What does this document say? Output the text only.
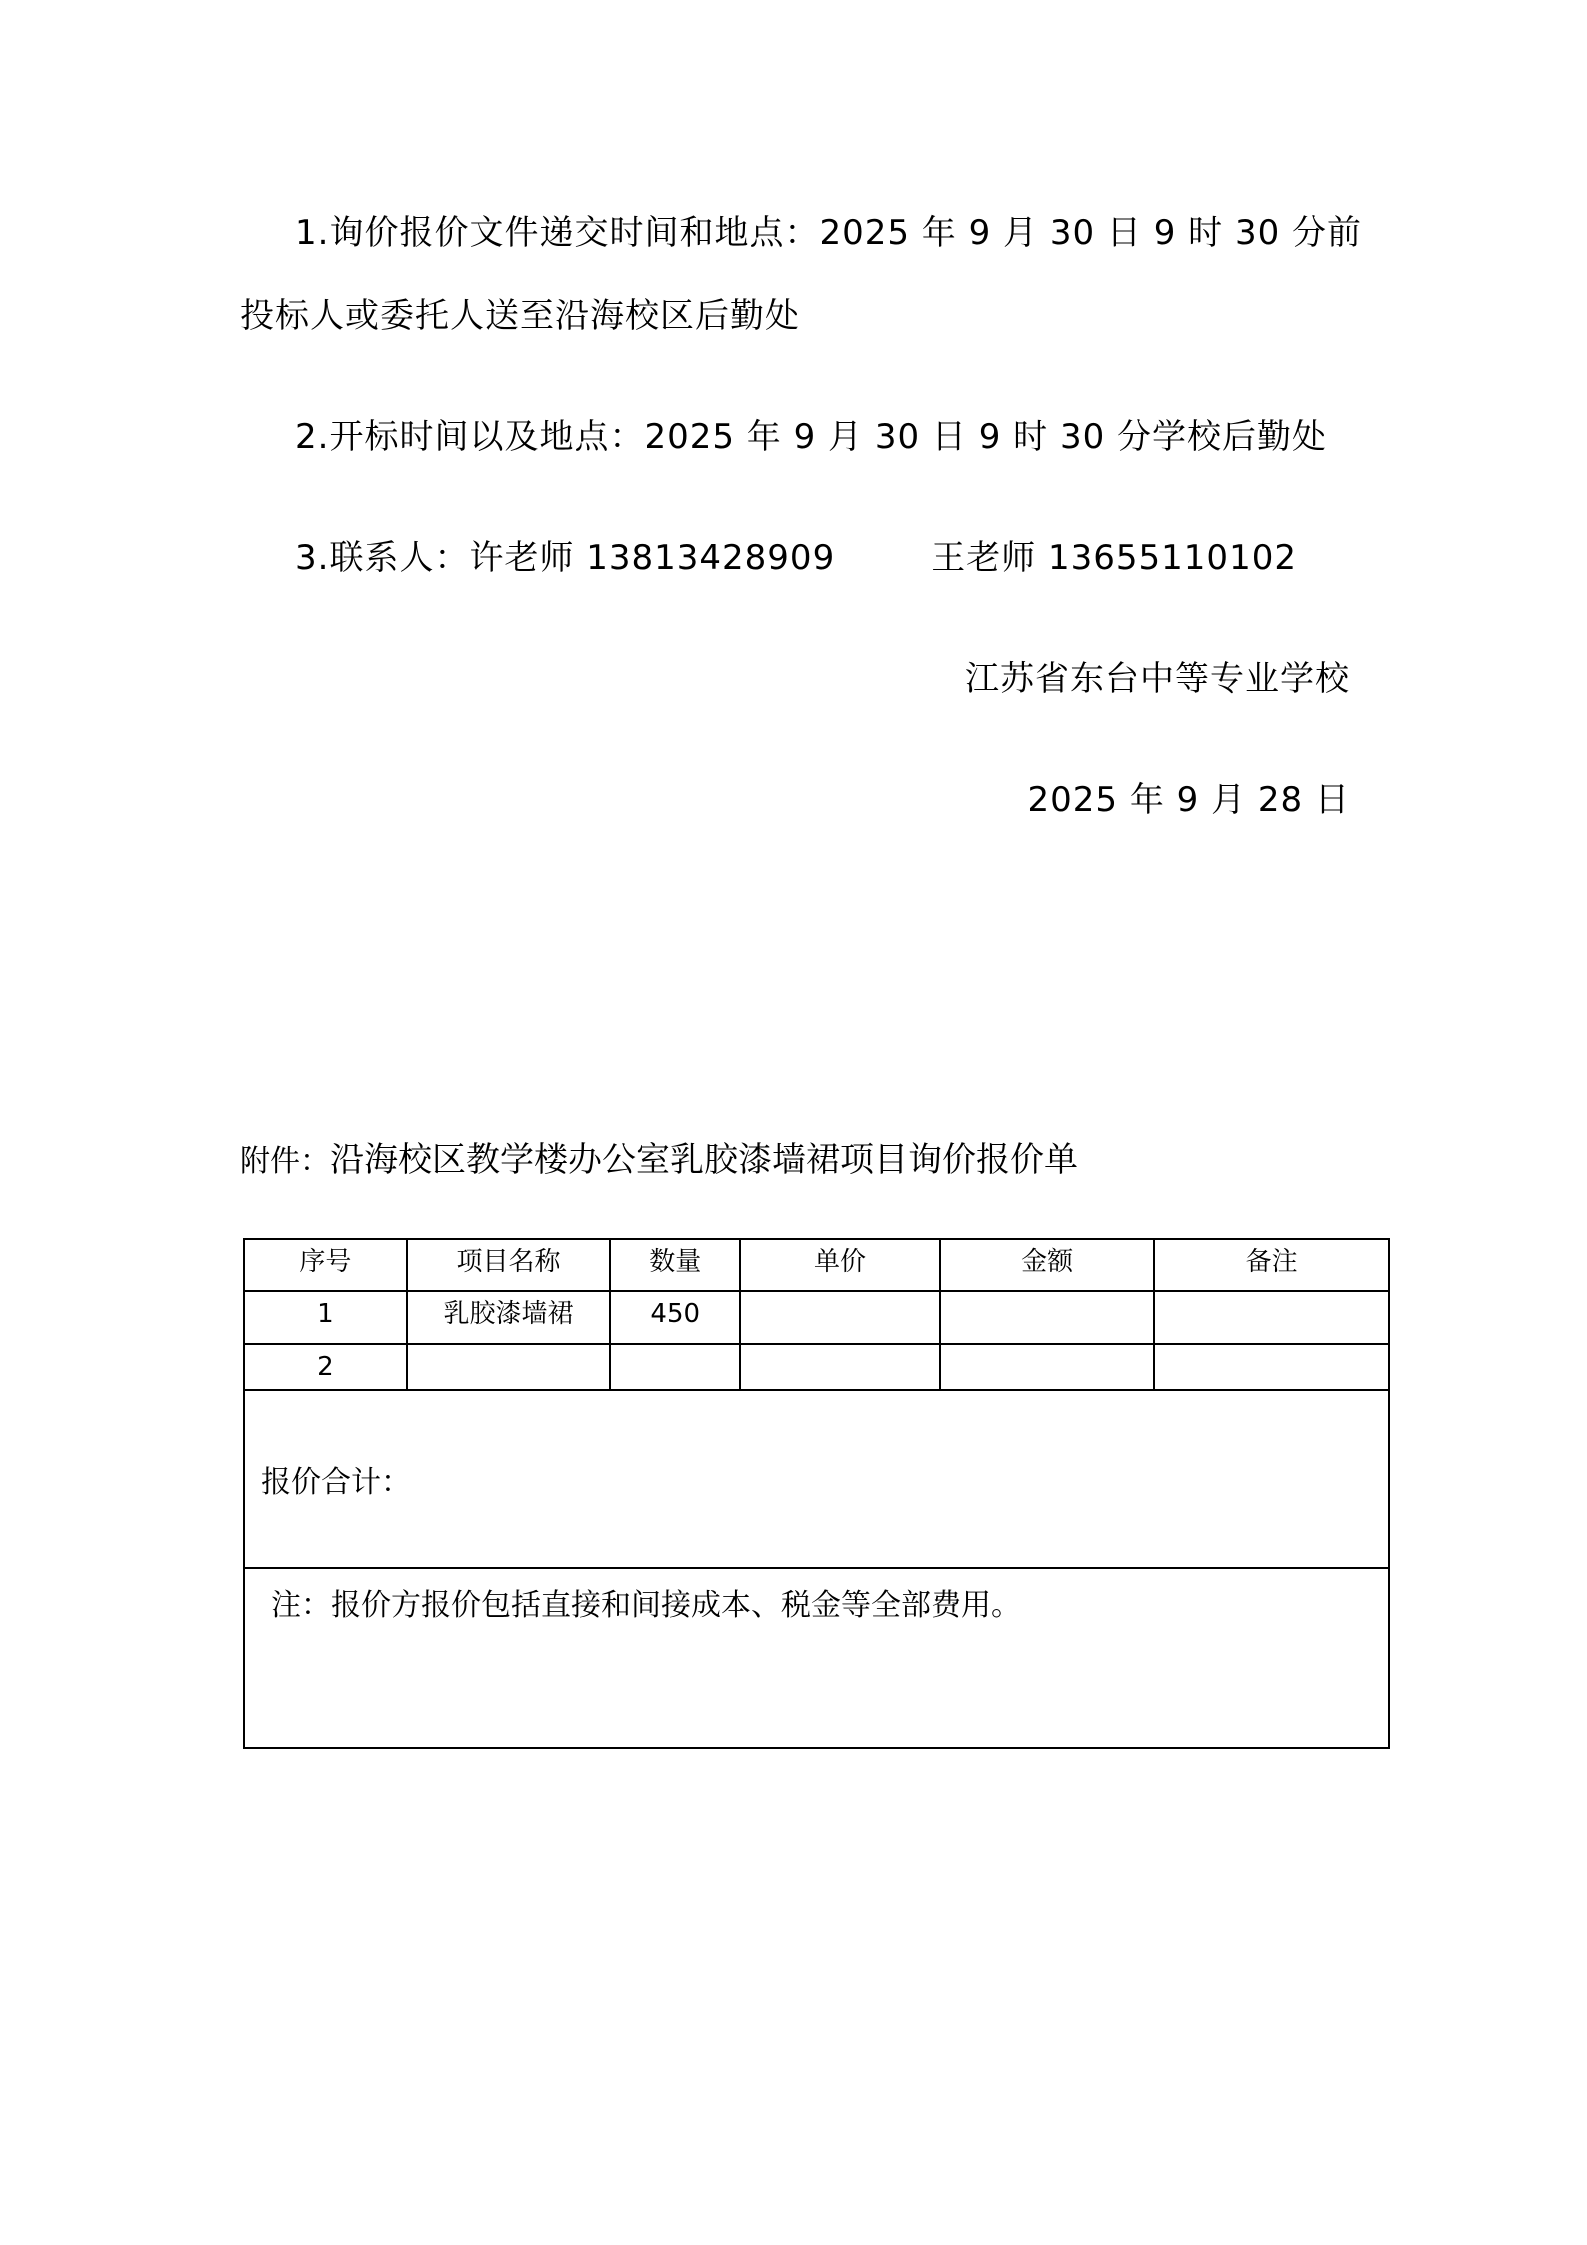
1.询价报价文件递交时间和地点：2025 年 9 月 30 日 9 时 30 分前
投标人或委托人送至沿海校区后勤处
2.开标时间以及地点：2025 年 9 月 30 日 9 时 30 分学校后勤处
3.联系人：许老师 13813428909	王老师 13655110102
江苏省东台中等专业学校
2025 年 9 月 28 日
附件：沿海校区教学楼办公室乳胶漆墙裙项目询价报价单
序号	项目名称	数量	单价	金额	备注
1	乳胶漆墙裙	450			
2					
报价合计：					
注：报价方报价包括直接和间接成本、税金等全部费用。					
